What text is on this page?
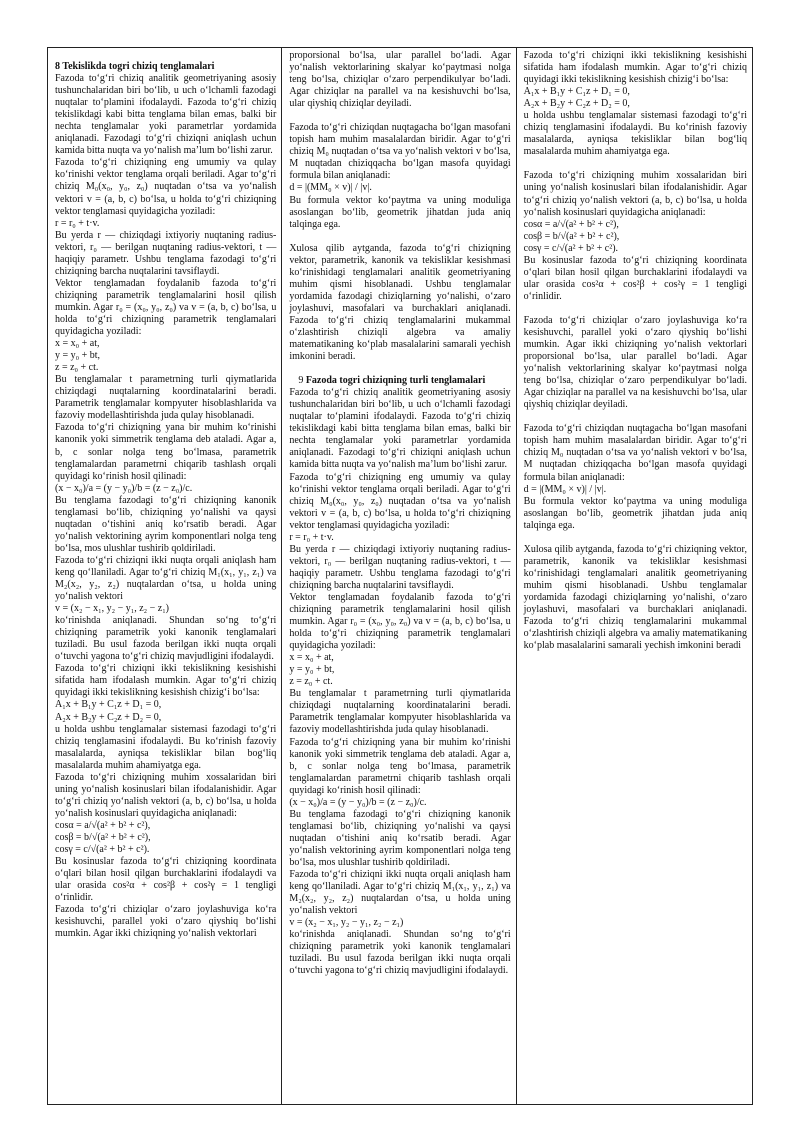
8 Tekislikda togri chiziq tenglamalari

Fazoda to‘g‘ri chiziq analitik geometriyaning asosiy tushunchalaridan biri bo‘lib, u uch o‘lchamli fazodagi nuqtalar to‘plamini ifodalaydi. Fazoda to‘g‘ri chiziq tekislikdagi kabi bitta tenglama bilan emas, balki bir nechta tenglamalar yoki parametrlar yordamida aniqlanadi. Fazodagi to‘g‘ri chiziqni aniqlash uchun kamida bitta nuqta va yo‘nalish ma’lum bo‘lishi zarur.

Fazoda to‘g‘ri chiziqning eng umumiy va qulay ko‘rinishi vektor tenglama orqali beriladi. Agar to‘g‘ri chiziq M₀(x₀, y₀, z₀) nuqtadan o‘tsa va yo‘nalish vektori v = (a, b, c) bo‘lsa, u holda to‘g‘ri chiziqning vektor tenglamasi quyidagicha yoziladi:

r = r₀ + t·v.

Bu yerda r — chiziqdagi ixtiyoriy nuqtaning radius-vektori, r₀ — berilgan nuqtaning radius-vektori, t — haqiqiy parametr. Ushbu tenglama fazodagi to‘g‘ri chiziqning barcha nuqtalarini tavsiflaydi.

Vektor tenglamadan foydalanib fazoda to‘g‘ri chiziqning parametrik tenglamalarini hosil qilish mumkin. Agar r₀ = (x₀, y₀, z₀) va v = (a, b, c) bo‘lsa, u holda to‘g‘ri chiziqning parametrik tenglamalari quyidagicha yoziladi:

x = x₀ + at,

y = y₀ + bt,

z = z₀ + ct.

Bu tenglamalar t parametrning turli qiymatlarida chiziqdagi nuqtalarning koordinatalarini beradi. Parametrik tenglamalar kompyuter hisoblashlarida va fazoviy modellashtirishda juda qulay hisoblanadi.

Fazoda to‘g‘ri chiziqning yana bir muhim ko‘rinishi kanonik yoki simmetrik tenglama deb ataladi. Agar a, b, c sonlar nolga teng bo‘lmasa, parametrik tenglamalardan parametrni chiqarib tashlash orqali quyidagi ko‘rinish hosil qilinadi:

(x − x₀)/a = (y − y₀)/b = (z − z₀)/c.

Bu tenglama fazodagi to‘g‘ri chiziqning kanonik tenglamasi bo‘lib, chiziqning yo‘nalishi va qaysi nuqtadan o‘tishini aniq ko‘rsatib beradi. Agar yo‘nalish vektorining ayrim komponentlari nolga teng bo‘lsa, mos ulushlar tushirib qoldiriladi.

Fazoda to‘g‘ri chiziqni ikki nuqta orqali aniqlash ham keng qo‘llaniladi. Agar to‘g‘ri chiziq M₁(x₁, y₁, z₁) va M₂(x₂, y₂, z₂) nuqtalardan o‘tsa, u holda uning yo‘nalish vektori

v = (x₂ − x₁, y₂ − y₁, z₂ − z₁)

ko‘rinishda aniqlanadi. Shundan so‘ng to‘g‘ri chiziqning parametrik yoki kanonik tenglamalari tuziladi. Bu usul fazoda berilgan ikki nuqta orqali o‘tuvchi yagona to‘g‘ri chiziq mavjudligini ifodalaydi.

Fazoda to‘g‘ri chiziqni ikki tekislikning kesishishi sifatida ham ifodalash mumkin. Agar to‘g‘ri chiziq quyidagi ikki tekislikning kesishish chizig‘i bo‘lsa:

A₁x + B₁y + C₁z + D₁ = 0,

A₂x + B₂y + C₂z + D₂ = 0,

u holda ushbu tenglamalar sistemasi fazodagi to‘g‘ri chiziq tenglamasini ifodalaydi. Bu ko‘rinish fazoviy masalalarda, ayniqsa tekisliklar bilan bog‘liq masalalarda muhim ahamiyatga ega.

Fazoda to‘g‘ri chiziqning muhim xossalaridan biri uning yo‘nalish kosinuslari bilan ifodalanishidir. Agar to‘g‘ri chiziq yo‘nalish vektori (a, b, c) bo‘lsa, u holda yo‘nalish kosinuslari quyidagicha aniqlanadi:

cosα = a/√(a² + b² + c²),

cosβ = b/√(a² + b² + c²),

cosγ = c/√(a² + b² + c²).

Bu kosinuslar fazoda to‘g‘ri chiziqning koordinata o‘qlari bilan hosil qilgan burchaklarini ifodalaydi va ular orasida cos²α + cos²β + cos²γ = 1 tengligi o‘rinlidir.

Fazoda to‘g‘ri chiziqlar o‘zaro joylashuviga ko‘ra kesishuvchi, parallel yoki o‘zaro qiyshiq bo‘lishi mumkin. Agar ikki chiziqning yo‘nalish vektorlari

proporsional bo‘lsa, ular parallel bo‘ladi. Agar yo‘nalish vektorlarining skalyar ko‘paytmasi nolga teng bo‘lsa, chiziqlar o‘zaro perpendikulyar bo‘ladi. Agar chiziqlar na parallel va na kesishuvchi bo‘lsa, ular qiyshiq chiziqlar deyiladi.

Fazoda to‘g‘ri chiziqdan nuqtagacha bo‘lgan masofani topish ham muhim masalalardan biridir. Agar to‘g‘ri chiziq M₀ nuqtadan o‘tsa va yo‘nalish vektori v bo‘lsa, M nuqtadan chiziqqacha bo‘lgan masofa quyidagi formula bilan aniqlanadi:

d = |(MM₀ × v)| / |v|.

Bu formula vektor ko‘paytma va uning moduliga asoslangan bo‘lib, geometrik jihatdan juda aniq talqinga ega.

Xulosa qilib aytganda, fazoda to‘g‘ri chiziqning vektor, parametrik, kanonik va tekisliklar kesishmasi ko‘rinishidagi tenglamalari analitik geometriyaning muhim qismi hisoblanadi. Ushbu tenglamalar yordamida fazodagi chiziqlarning yo‘nalishi, o‘zaro joylashuvi, masofalari va burchaklari aniqlanadi. Fazoda to‘g‘ri chiziq tenglamalarini mukammal o‘zlashtirish chiziqli algebra va amaliy matematikaning ko‘plab masalalarini samarali yechish imkonini beradi.

9 Fazoda togri chiziqning turli tenglamalari

Fazoda to‘g‘ri chiziq analitik geometriyaning asosiy tushunchalaridan biri bo‘lib, u uch o‘lchamli fazodagi nuqtalar to‘plamini ifodalaydi. Fazoda to‘g‘ri chiziq tekislikdagi kabi bitta tenglama bilan emas, balki bir nechta tenglamalar yoki parametrlar yordamida aniqlanadi. Fazodagi to‘g‘ri chiziqni aniqlash uchun kamida bitta nuqta va yo‘nalish ma’lum bo‘lishi zarur.

Fazoda to‘g‘ri chiziqning eng umumiy va qulay ko‘rinishi vektor tenglama orqali beriladi. Agar to‘g‘ri chiziq M₀(x₀, y₀, z₀) nuqtadan o‘tsa va yo‘nalish vektori v = (a, b, c) bo‘lsa, u holda to‘g‘ri chiziqning vektor tenglamasi quyidagicha yoziladi:

r = r₀ + t·v.

Bu yerda r — chiziqdagi ixtiyoriy nuqtaning radius-vektori, r₀ — berilgan nuqtaning radius-vektori, t — haqiqiy parametr. Ushbu tenglama fazodagi to‘g‘ri chiziqning barcha nuqtalarini tavsiflaydi.

Vektor tenglamadan foydalanib fazoda to‘g‘ri chiziqning parametrik tenglamalarini hosil qilish mumkin. Agar r₀ = (x₀, y₀, z₀) va v = (a, b, c) bo‘lsa, u holda to‘g‘ri chiziqning parametrik tenglamalari quyidagicha yoziladi:

x = x₀ + at,

y = y₀ + bt,

z = z₀ + ct.

Bu tenglamalar t parametrning turli qiymatlarida chiziqdagi nuqtalarning koordinatalarini beradi. Parametrik tenglamalar kompyuter hisoblashlarida va fazoviy modellashtirishda juda qulay hisoblanadi.

Fazoda to‘g‘ri chiziqning yana bir muhim ko‘rinishi kanonik yoki simmetrik tenglama deb ataladi. Agar a, b, c sonlar nolga teng bo‘lmasa, parametrik tenglamalardan parametrni chiqarib tashlash orqali quyidagi ko‘rinish hosil qilinadi:

(x − x₀)/a = (y − y₀)/b = (z − z₀)/c.

Bu tenglama fazodagi to‘g‘ri chiziqning kanonik tenglamasi bo‘lib, chiziqning yo‘nalishi va qaysi nuqtadan o‘tishini aniq ko‘rsatib beradi. Agar yo‘nalish vektorining ayrim komponentlari nolga teng bo‘lsa, mos ulushlar tushirib qoldiriladi.

Fazoda to‘g‘ri chiziqni ikki nuqta orqali aniqlash ham keng qo‘llaniladi. Agar to‘g‘ri chiziq M₁(x₁, y₁, z₁) va M₂(x₂, y₂, z₂) nuqtalardan o‘tsa, u holda uning yo‘nalish vektori

v = (x₂ − x₁, y₂ − y₁, z₂ − z₁)

ko‘rinishda aniqlanadi. Shundan so‘ng to‘g‘ri chiziqning parametrik yoki kanonik tenglamalari tuziladi. Bu usul fazoda berilgan ikki nuqta orqali o‘tuvchi yagona to‘g‘ri chiziq mavjudligini ifodalaydi.

Fazoda to‘g‘ri chiziqni ikki tekislikning kesishishi sifatida ham ifodalash mumkin. Agar to‘g‘ri chiziq quyidagi ikki tekislikning kesishish chizig‘i bo‘lsa:

A₁x + B₁y + C₁z + D₁ = 0,

A₂x + B₂y + C₂z + D₂ = 0,

u holda ushbu tenglamalar sistemasi fazodagi to‘g‘ri chiziq tenglamasini ifodalaydi. Bu ko‘rinish fazoviy masalalarda, ayniqsa tekisliklar bilan bog‘liq masalalarda muhim ahamiyatga ega.

Fazoda to‘g‘ri chiziqning muhim xossalaridan biri uning yo‘nalish kosinuslari bilan ifodalanishidir. Agar to‘g‘ri chiziq yo‘nalish vektori (a, b, c) bo‘lsa, u holda yo‘nalish kosinuslari quyidagicha aniqlanadi:

cosα = a/√(a² + b² + c²),

cosβ = b/√(a² + b² + c²),

cosγ = c/√(a² + b² + c²).

Bu kosinuslar fazoda to‘g‘ri chiziqning koordinata o‘qlari bilan hosil qilgan burchaklarini ifodalaydi va ular orasida cos²α + cos²β + cos²γ = 1 tengligi o‘rinlidir.

Fazoda to‘g‘ri chiziqlar o‘zaro joylashuviga ko‘ra kesishuvchi, parallel yoki o‘zaro qiyshiq bo‘lishi mumkin. Agar ikki chiziqning yo‘nalish vektorlari proporsional bo‘lsa, ular parallel bo‘ladi. Agar yo‘nalish vektorlarining skalyar ko‘paytmasi nolga teng bo‘lsa, chiziqlar o‘zaro perpendikulyar bo‘ladi. Agar chiziqlar na parallel va na kesishuvchi bo‘lsa, ular qiyshiq chiziqlar deyiladi.

Fazoda to‘g‘ri chiziqdan nuqtagacha bo‘lgan masofani topish ham muhim masalalardan biridir. Agar to‘g‘ri chiziq M₀ nuqtadan o‘tsa va yo‘nalish vektori v bo‘lsa, M nuqtadan chiziqqacha bo‘lgan masofa quyidagi formula bilan aniqlanadi:

d = |(MM₀ × v)| / |v|.

Bu formula vektor ko‘paytma va uning moduliga asoslangan bo‘lib, geometrik jihatdan juda aniq talqinga ega.

Xulosa qilib aytganda, fazoda to‘g‘ri chiziqning vektor, parametrik, kanonik va tekisliklar kesishmasi ko‘rinishidagi tenglamalari analitik geometriyaning muhim qismi hisoblanadi. Ushbu tenglamalar yordamida fazodagi chiziqlarning yo‘nalishi, o‘zaro joylashuvi, masofalari va burchaklari aniqlanadi. Fazoda to‘g‘ri chiziq tenglamalarini mukammal o‘zlashtirish chiziqli algebra va amaliy matematikaning ko‘plab masalalarini samarali yechish imkonini beradi
